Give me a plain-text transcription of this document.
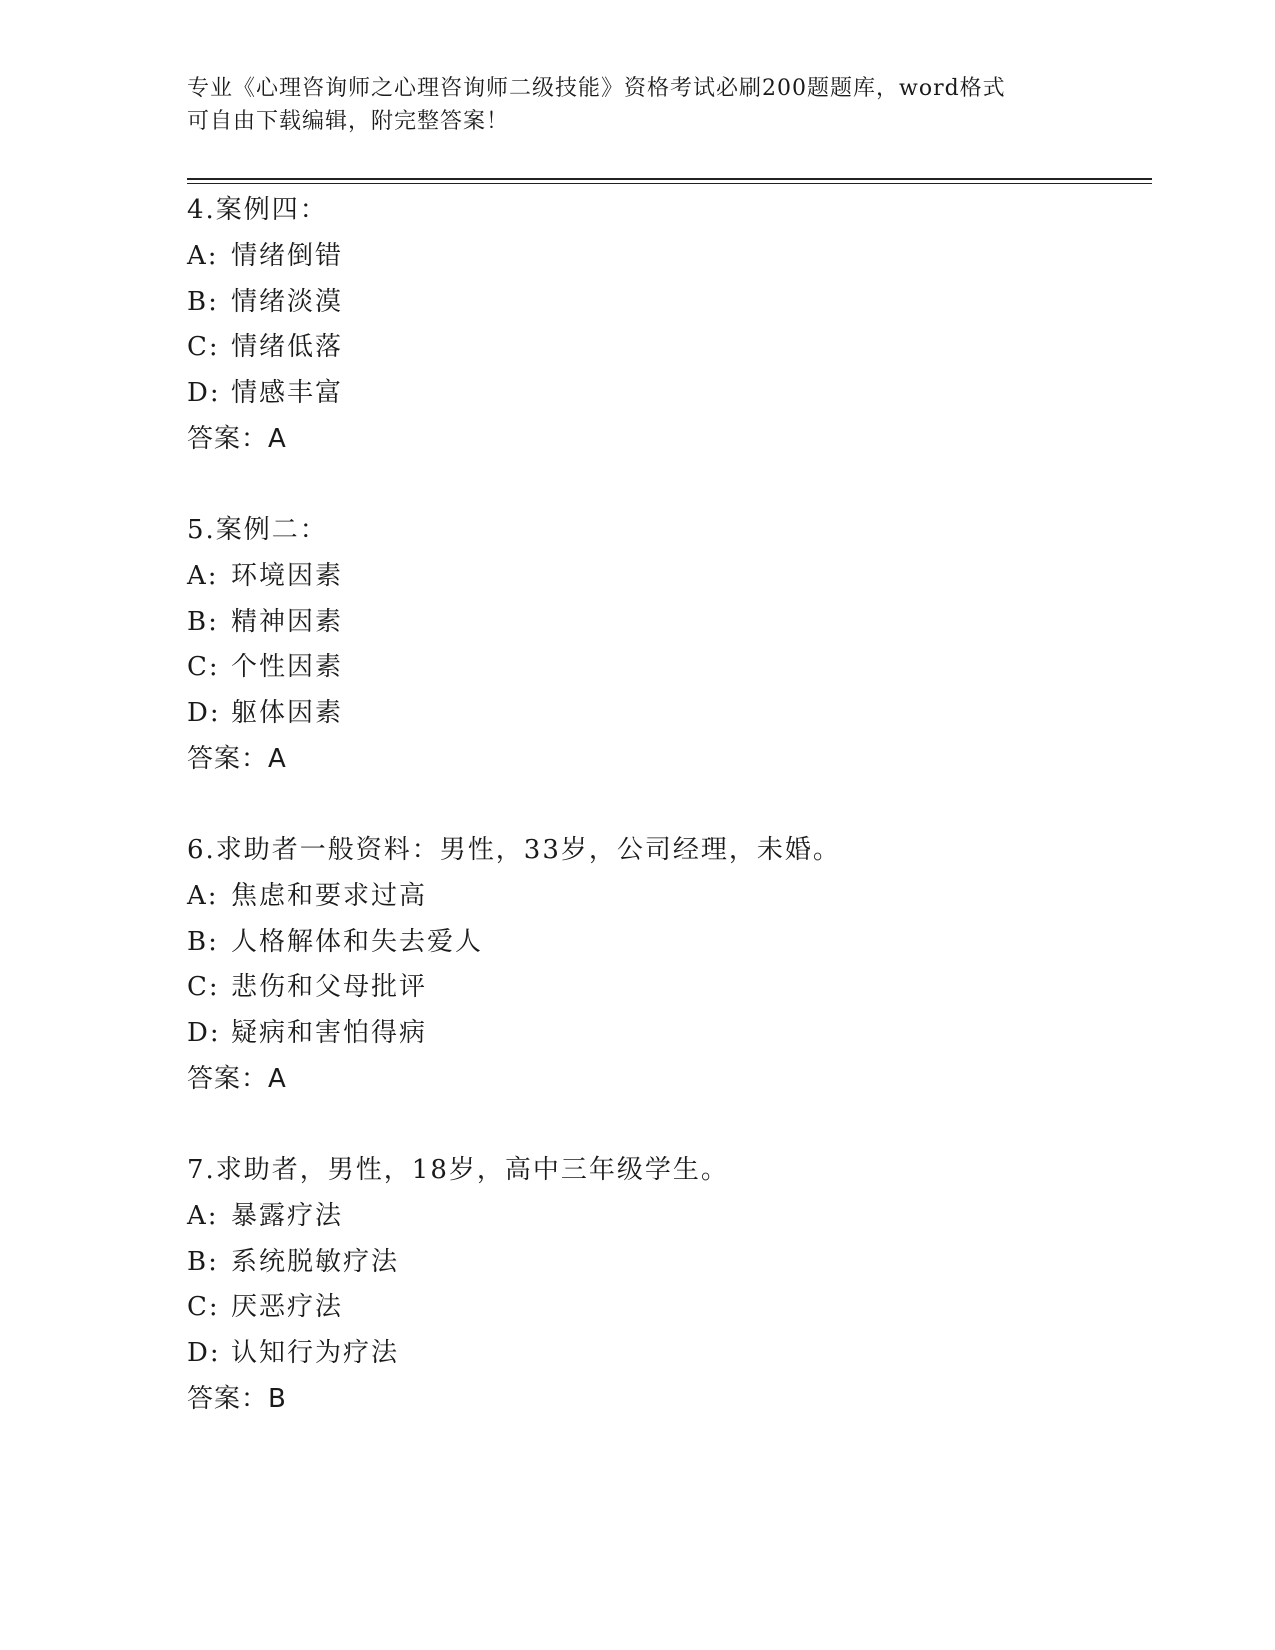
专业《心理咨询师之心理咨询师二级技能》资格考试必刷200题题库，word格式
可自由下载编辑，附完整答案！
4.案例四：
A: 情绪倒错
B: 情绪淡漠
C: 情绪低落
D: 情感丰富
答案：A
5.案例二：
A: 环境因素
B: 精神因素
C: 个性因素
D: 躯体因素
答案：A
6.求助者一般资料：男性，33岁，公司经理，未婚。
A: 焦虑和要求过高
B: 人格解体和失去爱人
C: 悲伤和父母批评
D: 疑病和害怕得病
答案：A
7.求助者，男性，18岁，高中三年级学生。
A: 暴露疗法
B: 系统脱敏疗法
C: 厌恶疗法
D: 认知行为疗法
答案：B
